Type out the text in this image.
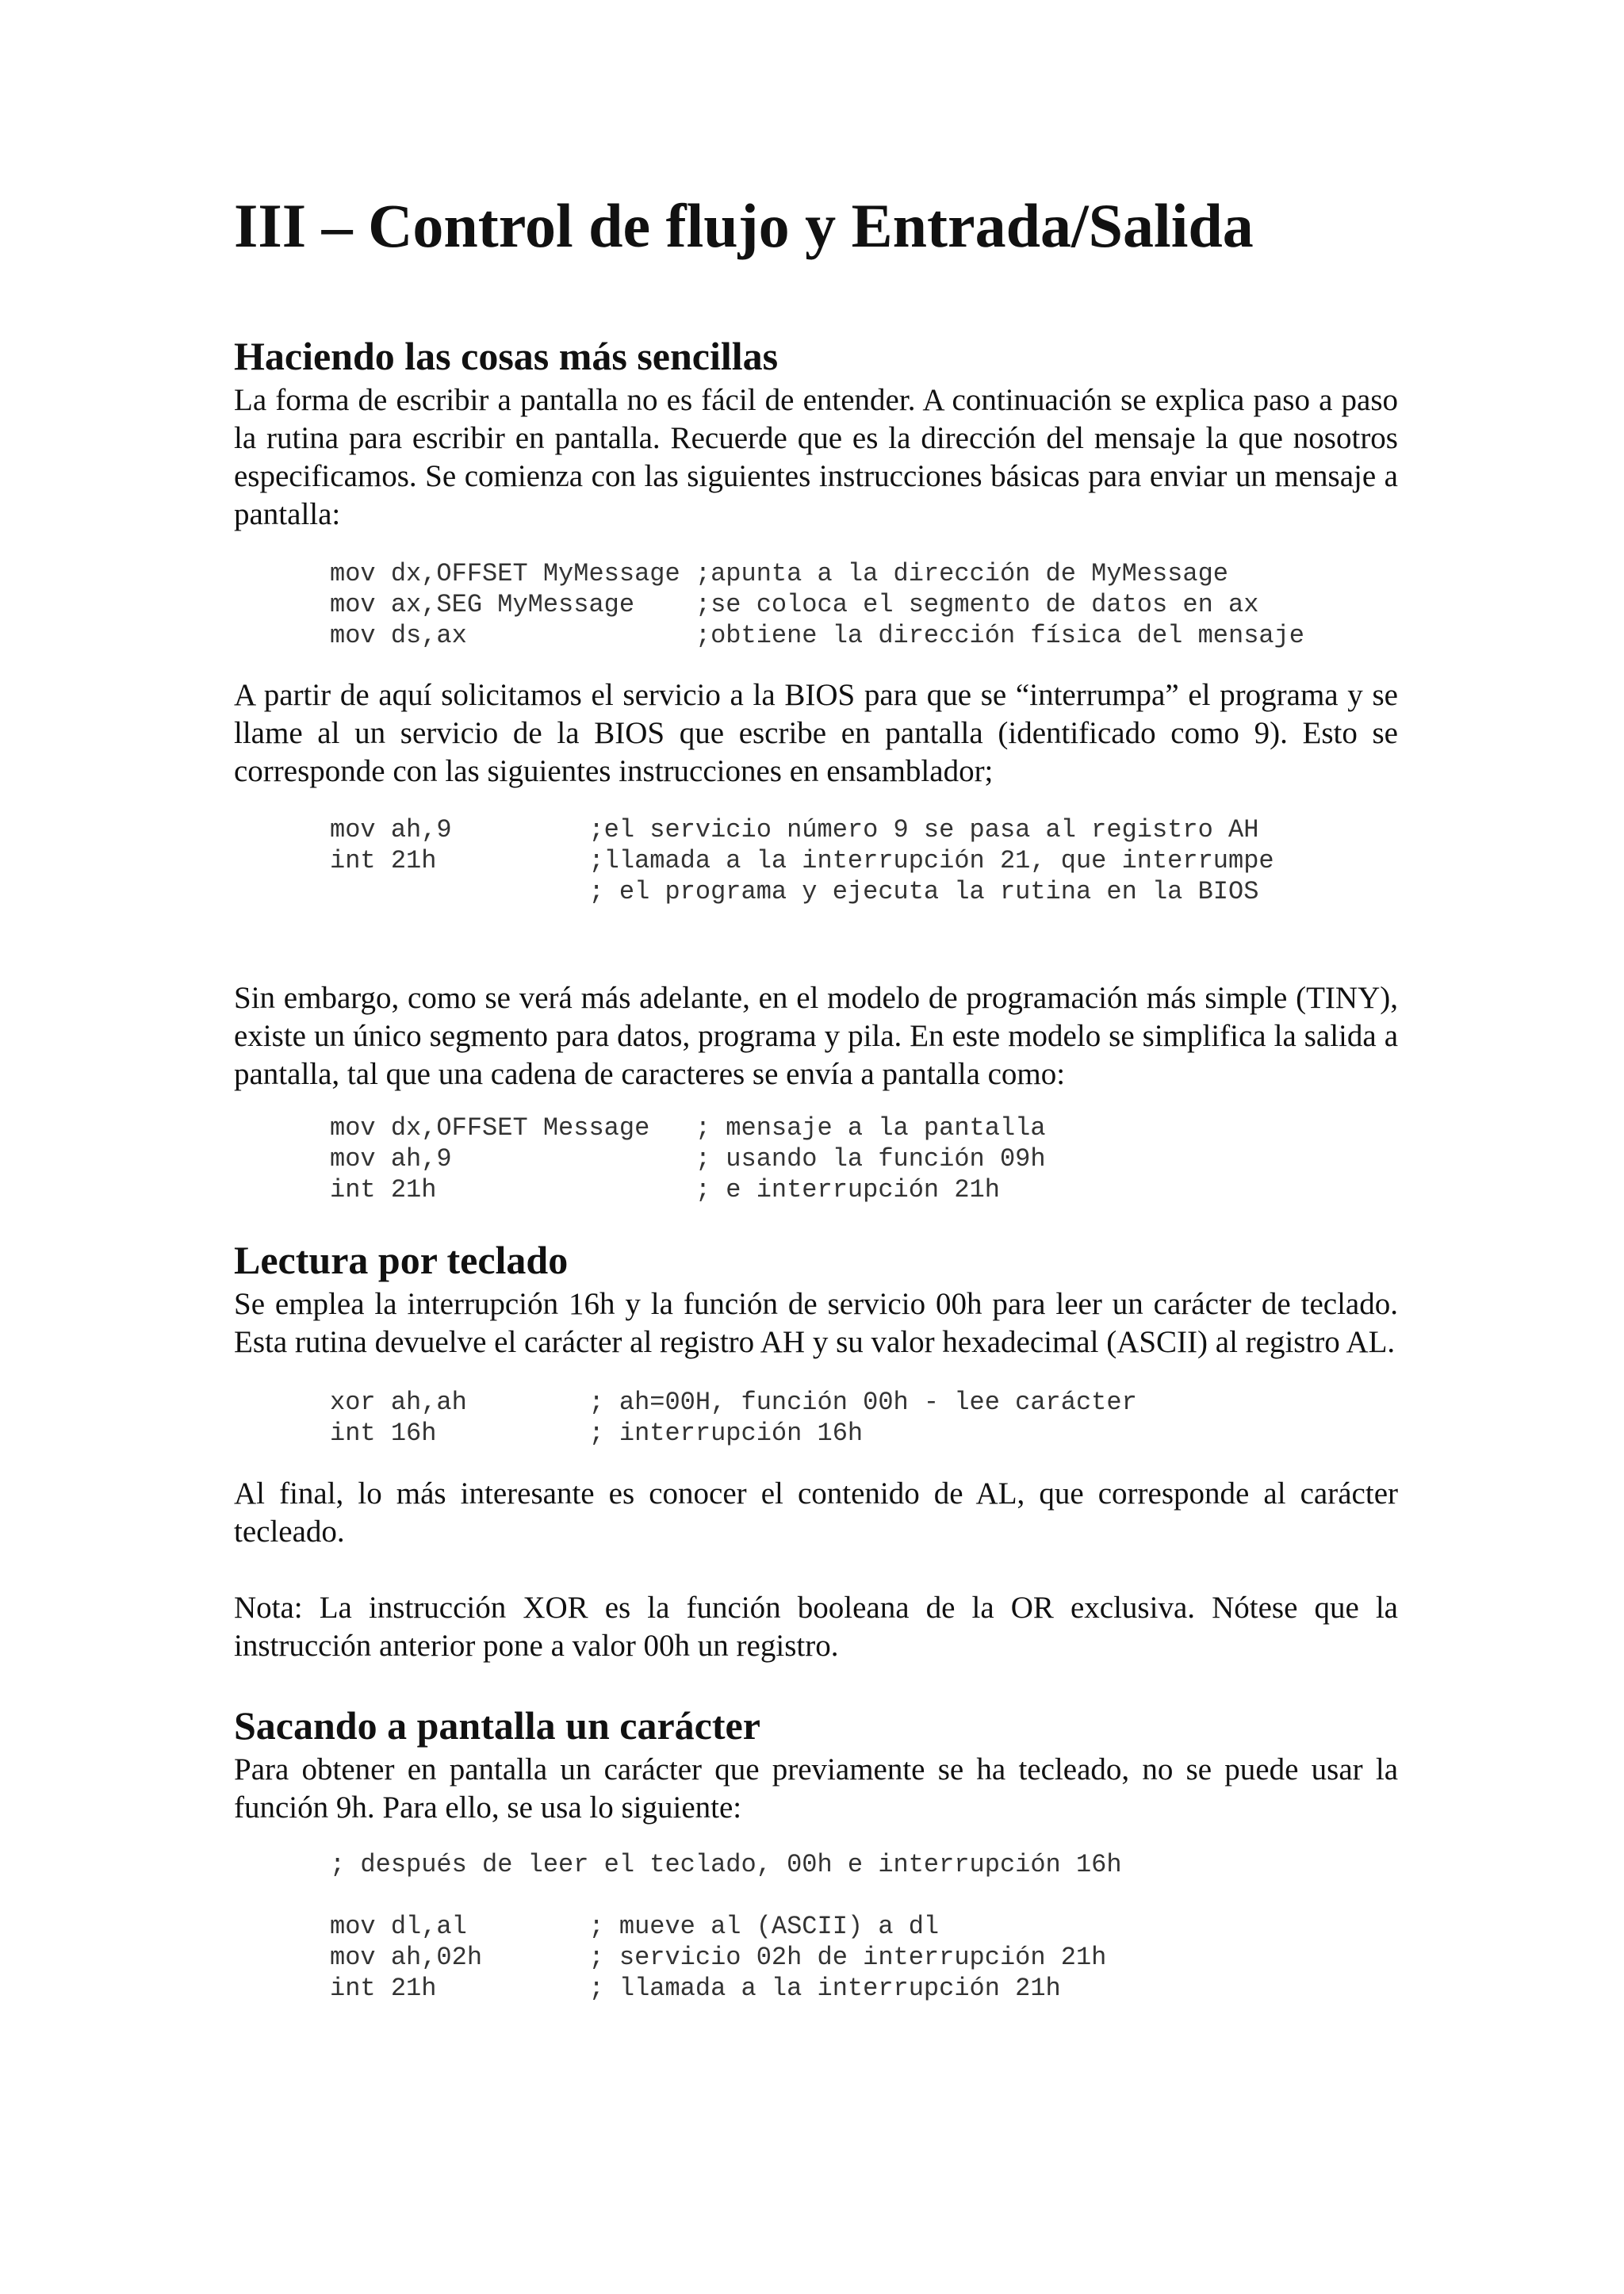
III – Control de flujo y Entrada/Salida
Haciendo las cosas más sencillas

La forma de escribir a pantalla no es fácil de entender. A continuación se explica paso a paso la rutina para escribir en pantalla. Recuerde que es la dirección del mensaje la que nosotros especificamos. Se comienza con las siguientes instrucciones básicas para enviar un mensaje a pantalla:

mov dx,OFFSET MyMessage ;apunta a la dirección de MyMessage
mov ax,SEG MyMessage    ;se coloca el segmento de datos en ax
mov ds,ax               ;obtiene la dirección física del mensaje

A partir de aquí solicitamos el servicio a la BIOS para que se “interrumpa” el programa y se llame al un servicio de la BIOS que escribe en pantalla (identificado como 9). Esto se corresponde con las siguientes instrucciones en ensamblador;

mov ah,9         ;el servicio número 9 se pasa al registro AH
int 21h          ;llamada a la interrupción 21, que interrumpe
; el programa y ejecuta la rutina en la BIOS

Sin embargo, como se verá más adelante, en el modelo de programación más simple (TINY), existe un único segmento para datos, programa y pila. En este modelo se simplifica la salida a pantalla, tal que una cadena de caracteres se envía a pantalla como:

mov dx,OFFSET Message   ; mensaje a la pantalla
mov ah,9                ; usando la función 09h
int 21h                 ; e interrupción 21h
Lectura por teclado

Se emplea la interrupción 16h y la función de servicio 00h para leer un carácter de teclado. Esta rutina devuelve el carácter al registro AH y su valor hexadecimal (ASCII) al registro AL.

xor ah,ah        ; ah=00H, función 00h - lee carácter
int 16h          ; interrupción 16h

Al final, lo más interesante es conocer el contenido de AL, que corresponde al carácter tecleado.

Nota: La instrucción XOR es la función booleana de la OR exclusiva. Nótese que la instrucción anterior pone a valor 00h un registro.

Sacando a pantalla un carácter

Para obtener en pantalla un carácter que previamente se ha tecleado, no se puede usar la función 9h. Para ello, se usa lo siguiente:

; después de leer el teclado, 00h e interrupción 16h

mov dl,al        ; mueve al (ASCII) a dl
mov ah,02h       ; servicio 02h de interrupción 21h
int 21h          ; llamada a la interrupción 21h
